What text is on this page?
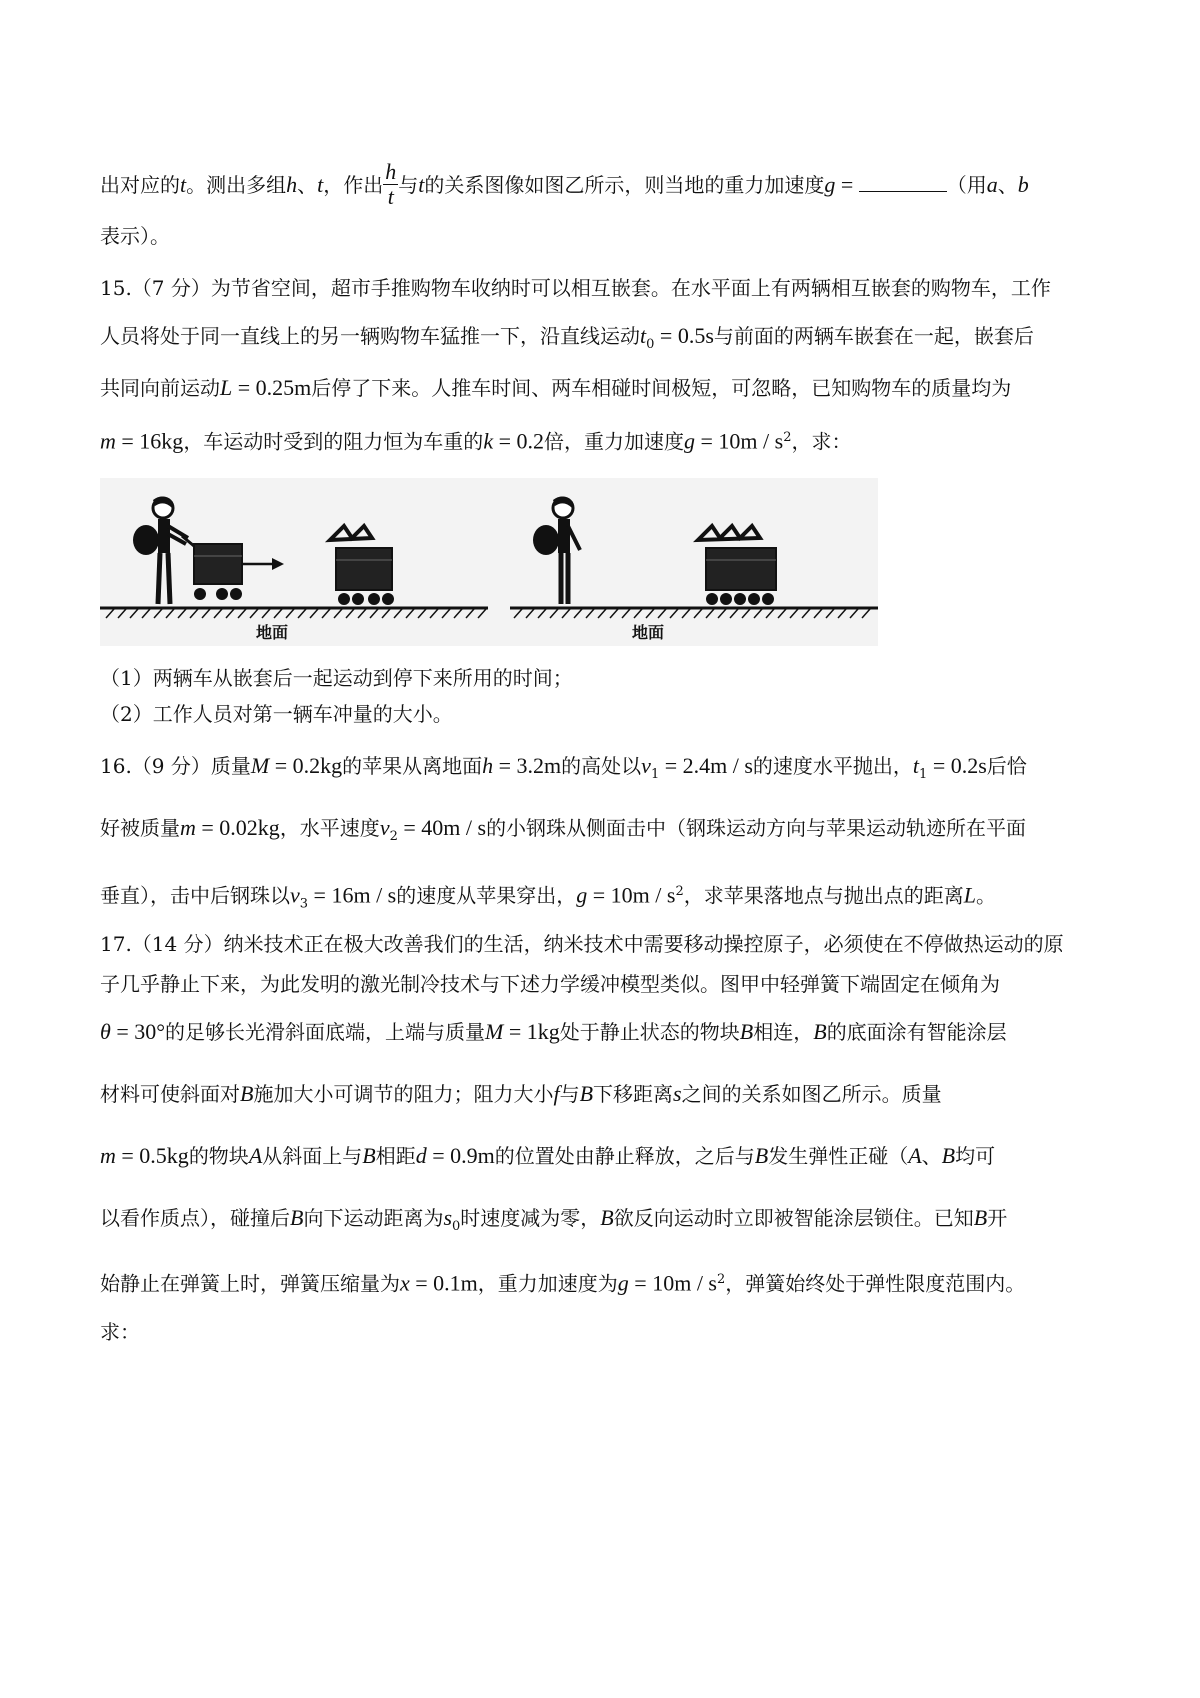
出对应的t。测出多组h、t，作出 $\frac{h}{t}$ 与t的关系图像如图乙所示，则当地的重力加速度g =	（用a、b
表示）。
15.（7 分）为节省空间，超市手推购物车收纳时可以相互嵌套。在水平面上有两辆相互嵌套的购物车，工作
人员将处于同一直线上的另一辆购物车猛推一下，沿直线运动$t_0 = 0.5s$与前面的两辆车嵌套在一起，嵌套后
共同向前运动L = 0.25m后停了下来。人推车时间、两车相碰时间极短，可忽略，已知购物车的质量均为
m = 16kg，车运动时受到的阻力恒为车重的k = 0.2倍，重力加速度$g = 10m / s^2$，求：
地面	地面
（1）两辆车从嵌套后一起运动到停下来所用的时间；
（2）工作人员对第一辆车冲量的大小。
16.（9 分）质量M = 0.2kg的苹果从离地面h = 3.2m的高处以$v_1 = 2.4m / s$的速度水平抛出，$t_1 = 0.2s$后恰
好被质量m = 0.02kg，水平速度$v_2 = 40m / s$的小钢珠从侧面击中（钢珠运动方向与苹果运动轨迹所在平面
垂直），击中后钢珠以$v_3 = 16m / s$的速度从苹果穿出，$g = 10m / s^2$，求苹果落地点与抛出点的距离L。
17.（14 分）纳米技术正在极大改善我们的生活，纳米技术中需要移动操控原子，必须使在不停做热运动的原
子几乎静止下来，为此发明的激光制冷技术与下述力学缓冲模型类似。图甲中轻弹簧下端固定在倾角为
θ = 30°的足够长光滑斜面底端，上端与质量M = 1kg处于静止状态的物块B相连，B的底面涂有智能涂层
材料可使斜面对B施加大小可调节的阻力；阻力大小f与B下移距离s之间的关系如图乙所示。质量
m = 0.5kg的物块A从斜面上与B相距d = 0.9m的位置处由静止释放，之后与B发生弹性正碰（A、B均可
以看作质点），碰撞后B向下运动距离为$s_0$时速度减为零，B欲反向运动时立即被智能涂层锁住。已知B开
始静止在弹簧上时，弹簧压缩量为x = 0.1m，重力加速度为$g = 10m / s^2$，弹簧始终处于弹性限度范围内。
求：
